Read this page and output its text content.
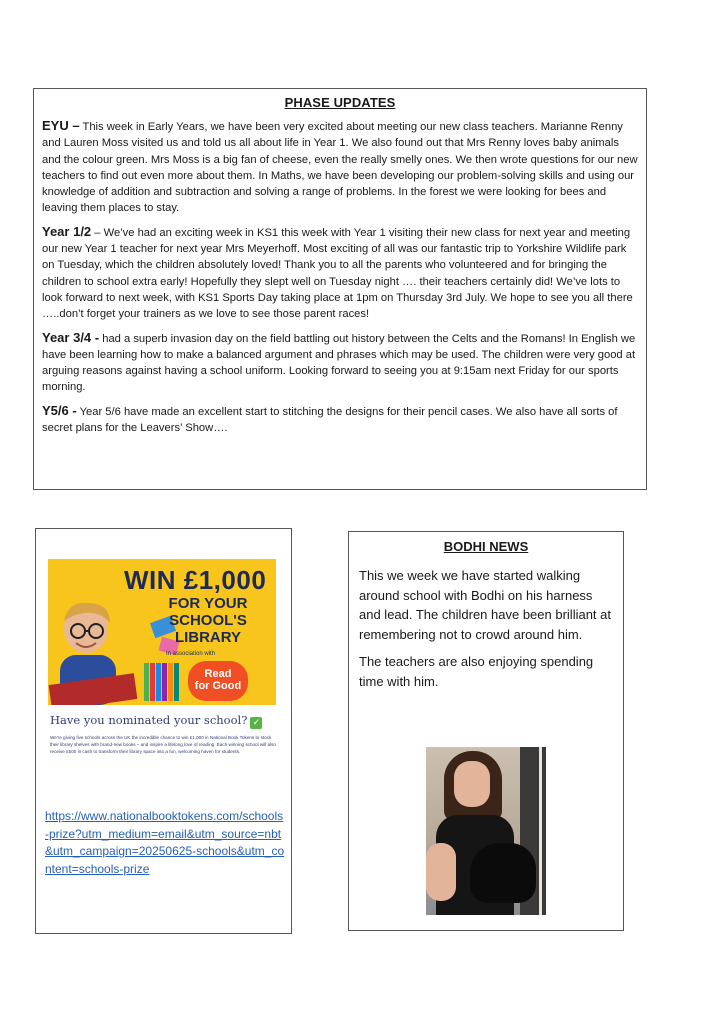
PHASE UPDATES

EYU – This week in Early Years, we have been very excited about meeting our new class teachers. Marianne Renny and Lauren Moss visited us and told us all about life in Year 1. We also found out that Mrs Renny loves baby animals and the colour green. Mrs Moss is a big fan of cheese, even the really smelly ones. We then wrote questions for our new teachers to find out even more about them. In Maths, we have been developing our problem-solving skills and using our knowledge of addition and subtraction and solving a range of problems. In the forest we were looking for bees and leaving them places to stay.

Year 1/2 – We’ve had an exciting week in KS1 this week with Year 1 visiting their new class for next year and meeting our new Year 1 teacher for next year Mrs Meyerhoff. Most exciting of all was our fantastic trip to Yorkshire Wildlife park on Tuesday, which the children absolutely loved! Thank you to all the parents who volunteered and for bringing the children to school extra early! Hopefully they slept well on Tuesday night …. their teachers certainly did! We’ve lots to look forward to next week, with KS1 Sports Day taking place at 1pm on Thursday 3rd July. We hope to see you all there …..don’t forget your trainers as we love to see those parent races!

Year 3/4 - had a superb invasion day on the field battling out history between the Celts and the Romans! In English we have been learning how to make a balanced argument and phrases which may be used. The children were very good at arguing reasons against having a school uniform. Looking forward to seeing you at 9:15am next Friday for our sports morning.

Y5/6 - Year 5/6 have made an excellent start to stitching the designs for their pencil cases. We also have all sorts of secret plans for the Leavers’ Show….

WIN £1,000
FOR YOUR
SCHOOL'S
LIBRARY
In association with
Read
for Good
Have you nominated your school? ✓
We're giving five schools across the UK the incredible chance to win £1,000 in National Book Tokens to stock their library shelves with brand-new books – and inspire a lifelong love of reading. Each winning school will also receive £500 in cash to transform their library space into a fun, welcoming haven for students.
https://www.nationalbooktokens.com/schools-prize?utm_medium=email&utm_source=nbt&utm_campaign=20250625-schools&utm_content=schools-prize
BODHI NEWS

This we week we have started walking around school with Bodhi on his harness and lead. The children have been brilliant at remembering not to crowd around him.

The teachers are also enjoying spending time with him.
